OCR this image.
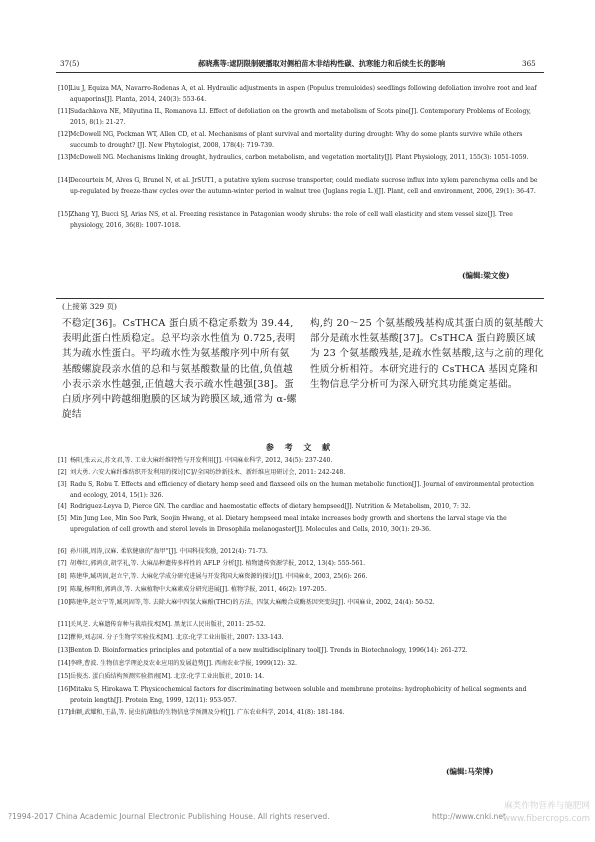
37(5)	郝晓燕等:遮阴限制硬播取对侧柏苗木非结构性碳、抗寒能力和后续生长的影响	365
[10] Liu J, Equiza MA, Navarro-Rodenas A, et al. Hydraulic adjustments in aspen (Populus tremuloides) seedlings following defoliation involve root and leaf aquaporins[J]. Planta, 2014, 240(3): 553-64.
[11] Sudachkova NE, Milyutina IL, Romanova LI. Effect of defoliation on the growth and metabolism of Scots pine[J]. Contemporary Problems of Ecology, 2015, 8(1): 21-27.
[12] McDowell NG, Pockman WT, Allen CD, et al. Mechanisms of plant survival and mortality during drought: Why do some plants survive while others succumb to drought? [J]. New Phytologist, 2008, 178(4): 719-739.
[13] McDowell NG. Mechanisms linking drought, hydraulics, carbon metabolism, and vegetation mortality[J]. Plant Physiology, 2011, 155(3): 1051-1059.
[14] Decourteix M, Alves G, Brunel N, et al. JrSUT1, a putative xylem sucrose transporter, could mediate sucrose influx into xylem parenchyma cells and be up-regulated by freeze-thaw cycles over the autumn-winter period in walnut tree (Juglans regia L.)[J]. Plant, cell and environment, 2006, 29(1): 36-47.
[15] Zhang YJ, Bucci SJ, Arias NS, et al. Freezing resistance in Patagonian woody shrubs: the role of cell wall elasticity and stem vessel size[J]. Tree physiology, 2016, 36(8): 1007-1018.
(编辑:梁文俊)
(上接第 329 页)
不稳定[36]。CsTHCA 蛋白质不稳定系数为 39.44,表明此蛋白性质稳定。总平均亲水性值为 0.725,表明其为疏水性蛋白。平均疏水性为氨基酸序列中所有氨基酸螺旋段亲水值的总和与氨基酸数量的比值,负值越小表示亲水性越强,正值越大表示疏水性越强[38]。蛋白质序列中跨越细胞膜的区域为跨膜区域,通常为 α-螺旋结
构,约 20～25 个氨基酸残基构成其蛋白质的氨基酸大部分是疏水性氨基酸[37]。CsTHCA 蛋白跨膜区域为 23 个氨基酸残基,是疏水性氨基酸,这与之前的理化性质分析相符。本研究进行的 CsTHCA 基因克隆和生物信息学分析可为深入研究其功能奠定基础。
参 考 文 献
[1] 杨阳,张云云,苏文君,等. 工业大麻纤维特性与开发利用[J]. 中国麻业科学, 2012, 34(5): 237-240.
[2] 刘大勇. 六安大麻纤维纺织开发利用的探讨[C]//全国纺纱新技术、新纤维应用研讨会, 2011: 242-248.
[3] Radu S, Robu T. Effects and efficiency of dietary hemp seed and flaxseed oils on the human metabolic function[J]. Journal of environmental protection and ecology, 2014, 15(1): 326.
[4] Rodriguez-Leyva D, Pierce GN. The cardiac and haemostatic effects of dietary hempseed[J]. Nutrition & Metabolism, 2010, 7: 32.
[5] Min Jung Lee, Min Soo Park, Soojin Hwang, et al. Dietary hempseed meal intake increases body growth and shortens the larval stage via the upregulation of cell growth and sterol levels in Drosophila melanogaster[J]. Molecules and Cells, 2010, 30(1): 29-36.
[6] 孙川祺,周涛,汉麻. 柔软健康的"盔甲"[J]. 中国科技奖励, 2012(4): 71-73.
[7] 胡尊红,郭鸿彦,胡学礼,等. 大麻品种遗传多样性的 AFLP 分析[J]. 植物遗传资源学报, 2012, 13(4): 555-561.
[8] 陈建华,臧巩固,赵立宁,等. 大麻化学成分研究进展与开发我国大麻资源的探讨[J]. 中国麻业, 2003, 25(6): 266.
[9] 陈璇,杨明和,郭鸿彦,等. 大麻植物中大麻素成分研究进展[J]. 植物学报, 2011, 46(2): 197-205.
[10] 陈建华,赵立宁等,臧巩固等,等. 去除大麻中四氢大麻酚(THC)的方法、四氢大麻酸合成酶基因突变法[J]. 中国麻业, 2002, 24(4): 50-52.
[11] 关风芝. 大麻遗传育种与栽培技术[M]. 黑龙江人民出版社, 2011: 25-52.
[12] 瞿伸,刘志国. 分子生物学实验技术[M]. 北京:化学工业出版社, 2007: 133-143.
[13] Benton D. Bioinformatics principles and potential of a new multidisciplinary tool[J]. Trends in Biotechnology, 1996(14): 261-272.
[14] 李晔,曹波. 生物信息学理论及农业应用的发展趋势[J]. 西南农业学报, 1999(12): 32.
[15] 岳俊杰. 蛋白质结构预测实验指南[M]. 北京:化学工业出版社, 2010: 14.
[16] Mitaku S, Hirokawa T. Physicochemical factors for discriminating between soluble and membrane proteins: hydrophobicity of helical segments and protein length[J]. Protein Eng, 1999, 12(11): 953-957.
[17] 曲颖,武耀和,王晶,等. 昆虫抗菌肽的生物信息学预测及分析[J]. 广东农业科学, 2014, 41(8): 181-184.
(编辑:马荣博)
?1994-2017 China Academic Journal Electronic Publishing House. All rights reserved.	http://www.cnki.net
麻类作物营养与施肥网 www.fibercrops.com
